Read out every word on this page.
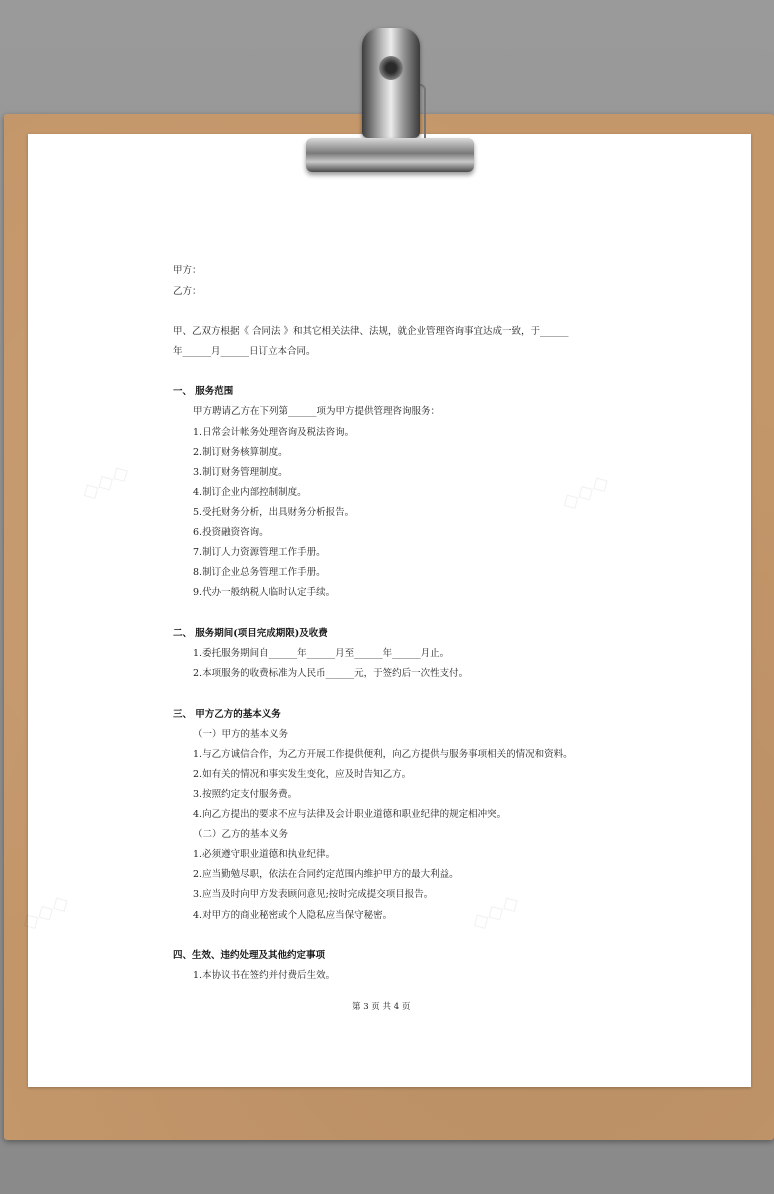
◇◇◇	◇◇◇
◇◇◇	◇◇◇
甲方：
乙方：
甲、乙双方根据《 合同法 》和其它相关法律、法规，就企业管理咨询事宜达成一致，于______
年______月______日订立本合同。
一、 服务范围
甲方聘请乙方在下列第______项为甲方提供管理咨询服务：
1.日常会计帐务处理咨询及税法咨询。
2.制订财务核算制度。
3.制订财务管理制度。
4.制订企业内部控制制度。
5.受托财务分析，出具财务分析报告。
6.投资融资咨询。
7.制订人力资源管理工作手册。
8.制订企业总务管理工作手册。
9.代办一般纳税人临时认定手续。
二、 服务期间(项目完成期限)及收费
1.委托服务期间自______年______月至______年______月止。
2.本项服务的收费标准为人民币______元，于签约后一次性支付。
三、 甲方乙方的基本义务
（一）甲方的基本义务
1.与乙方诚信合作，为乙方开展工作提供便利，向乙方提供与服务事项相关的情况和资料。
2.如有关的情况和事实发生变化，应及时告知乙方。
3.按照约定支付服务费。
4.向乙方提出的要求不应与法律及会计职业道德和职业纪律的规定相冲突。
（二）乙方的基本义务
1.必须遵守职业道德和执业纪律。
2.应当勤勉尽职，依法在合同约定范围内维护甲方的最大利益。
3.应当及时向甲方发表顾问意见;按时完成提交项目报告。
4.对甲方的商业秘密或个人隐私应当保守秘密。
四、生效、违约处理及其他约定事项
1.本协议书在签约并付费后生效。
第 3 页 共 4 页
